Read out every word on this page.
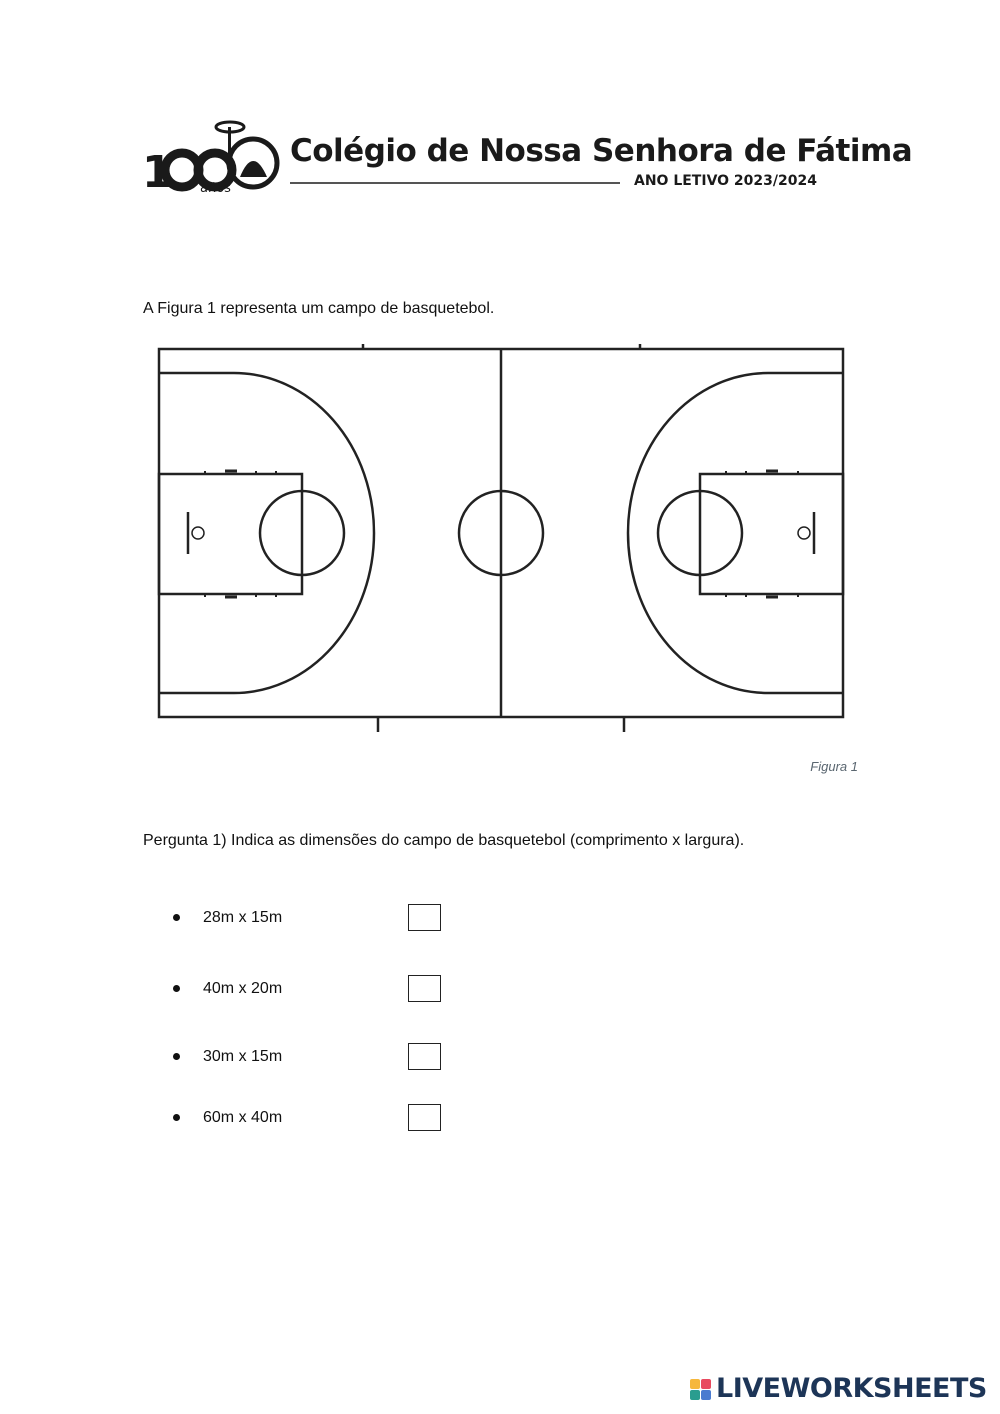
1 años
Colégio de Nossa Senhora de Fátima
ANO LETIVO 2023/2024
A Figura 1 representa um campo de basquetebol.
Figura 1
Pergunta 1) Indica as dimensões do campo de basquetebol (comprimento x largura).
28m x 15m
40m x 20m
30m x 15m
60m x 40m
LIVEWORKSHEETS
